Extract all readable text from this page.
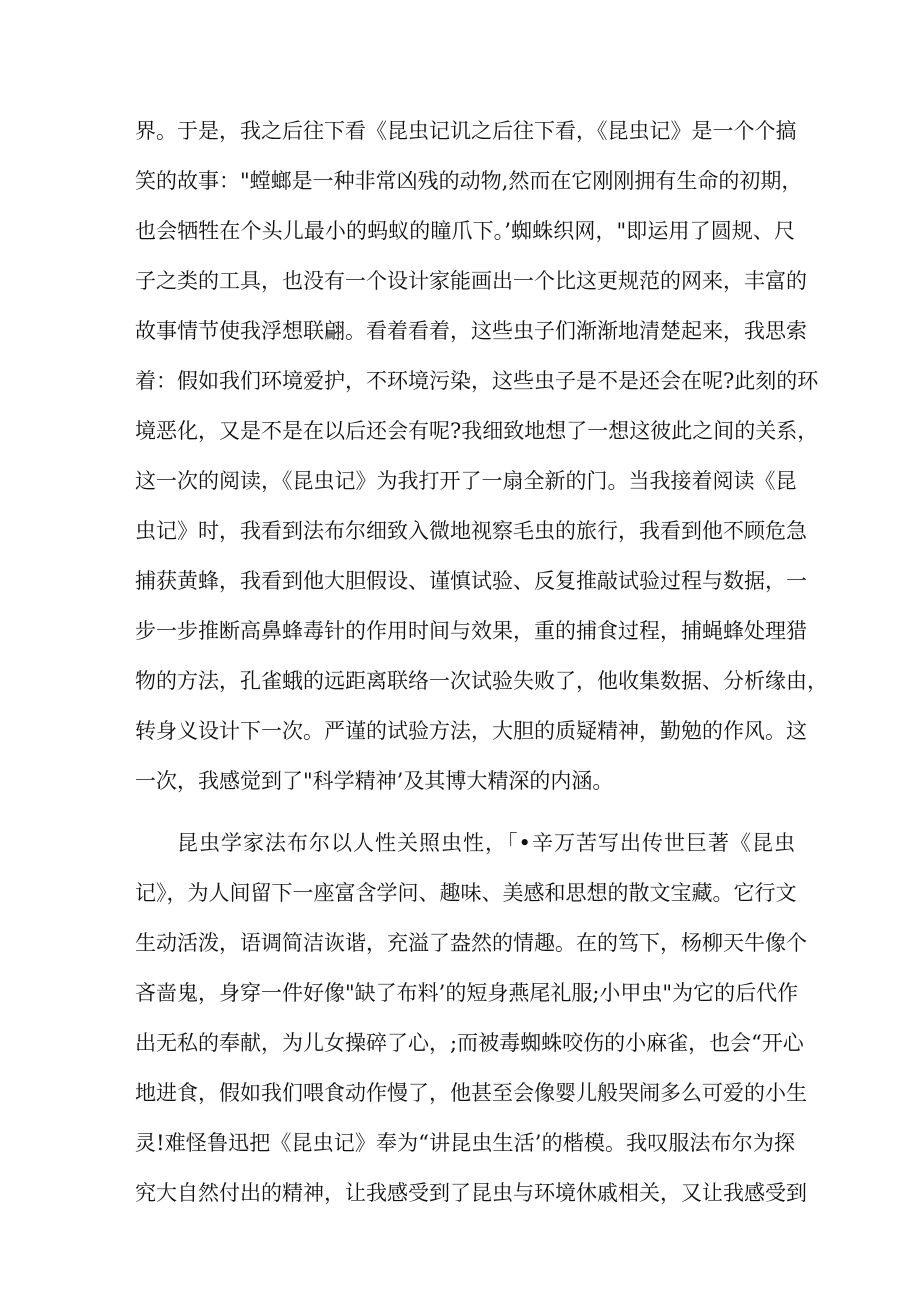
界。于是，我之后往下看《昆虫记讥之后往下看，《昆虫记》是一个个搞
笑的故事："螳螂是一种非常凶残的动物,然而在它刚刚拥有生命的初期，
也会牺牲在个头儿最小的蚂蚁的瞳爪下。’蜘蛛织网，"即运用了圆规、尺
子之类的工具，也没有一个设计家能画出一个比这更规范的网来，丰富的
故事情节使我浮想联翩。看着看着，这些虫子们渐渐地清楚起来，我思索
着：假如我们环境爱护，不环境污染，这些虫子是不是还会在呢?此刻的环
境恶化，又是不是在以后还会有呢?我细致地想了一想这彼此之间的关系，
这一次的阅读，《昆虫记》为我打开了一扇全新的门。当我接着阅读《昆
虫记》时，我看到法布尔细致入微地视察毛虫的旅行，我看到他不顾危急
捕获黄蜂，我看到他大胆假设、谨慎试验、反复推敲试验过程与数据，一
步一步推断高鼻蜂毒针的作用时间与效果，重的捕食过程，捕蝇蜂处理猎
物的方法，孔雀蛾的远距离联络一次试验失败了，他收集数据、分析缘由，
转身义设计下一次。严谨的试验方法，大胆的质疑精神，勤勉的作风。这
一次，我感觉到了"科学精神’及其博大精深的内涵。
昆虫学家法布尔以人性关照虫性，「•辛万苦写出传世巨著《昆虫
记》，为人间留下一座富含学问、趣味、美感和思想的散文宝藏。它行文
生动活泼，语调简洁诙谐，充溢了盎然的情趣。在的笃下，杨柳天牛像个
吝啬鬼，身穿一件好像"缺了布料’的短身燕尾礼服;小甲虫"为它的后代作
出无私的奉献，为儿女操碎了心，;而被毒蜘蛛咬伤的小麻雀，也会“开心
地进食，假如我们喂食动作慢了，他甚至会像婴儿般哭闹多么可爱的小生
灵!难怪鲁迅把《昆虫记》奉为“讲昆虫生活’的楷模。我叹服法布尔为探
究大自然付出的精神，让我感受到了昆虫与环境休戚相关，又让我感受到
